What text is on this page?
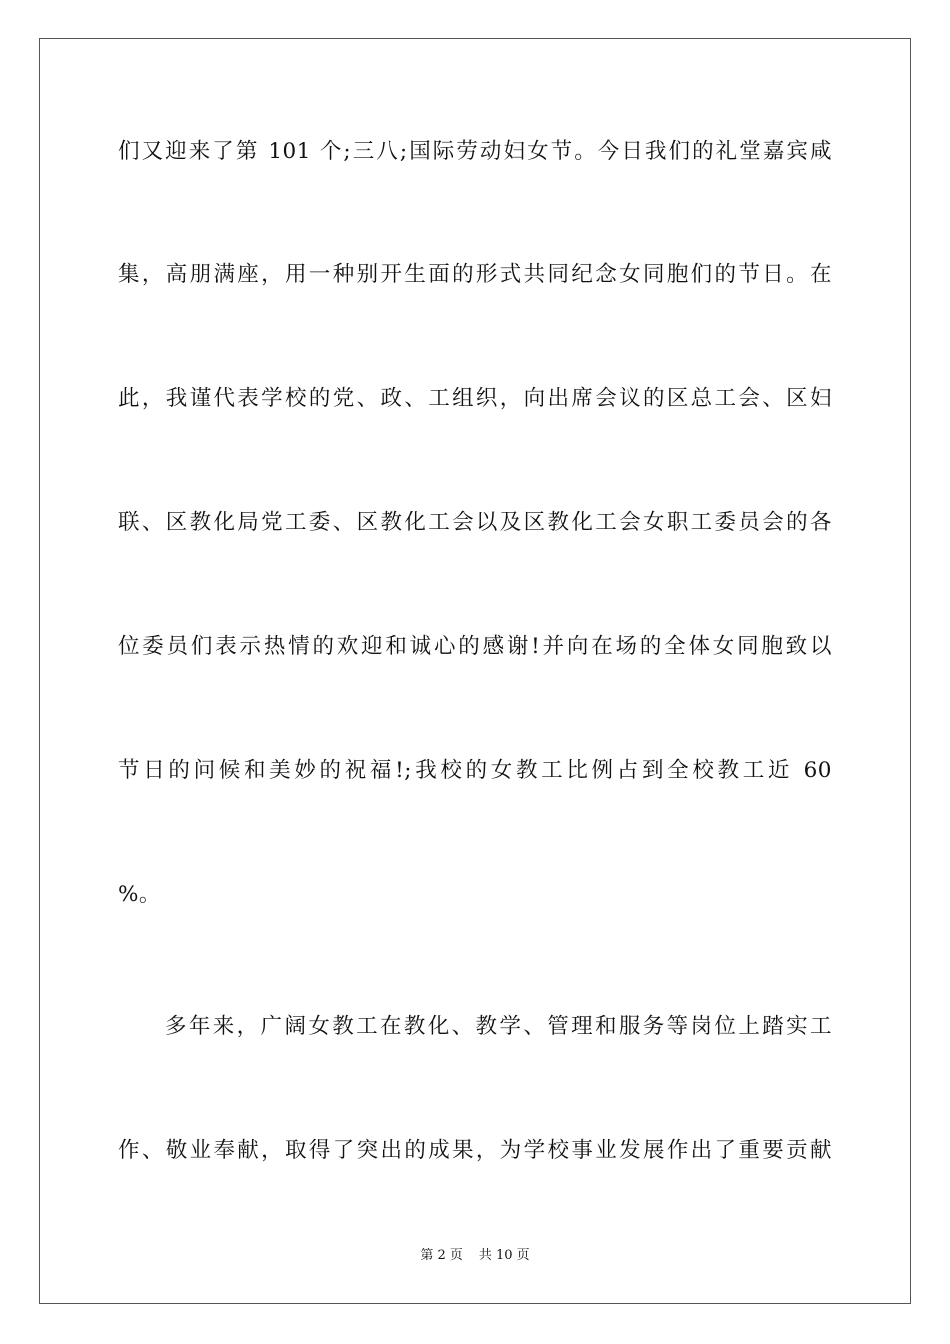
们又迎来了第 101 个;三八;国际劳动妇女节。今日我们的礼堂嘉宾咸
集，高朋满座，用一种别开生面的形式共同纪念女同胞们的节日。在
此，我谨代表学校的党、政、工组织，向出席会议的区总工会、区妇
联、区教化局党工委、区教化工会以及区教化工会女职工委员会的各
位委员们表示热情的欢迎和诚心的感谢!并向在场的全体女同胞致以
节日的问候和美妙的祝福!;我校的女教工比例占到全校教工近 60
%。
多年来，广阔女教工在教化、教学、管理和服务等岗位上踏实工
作、敬业奉献，取得了突出的成果，为学校事业发展作出了重要贡献
第 2 页 共 10 页
